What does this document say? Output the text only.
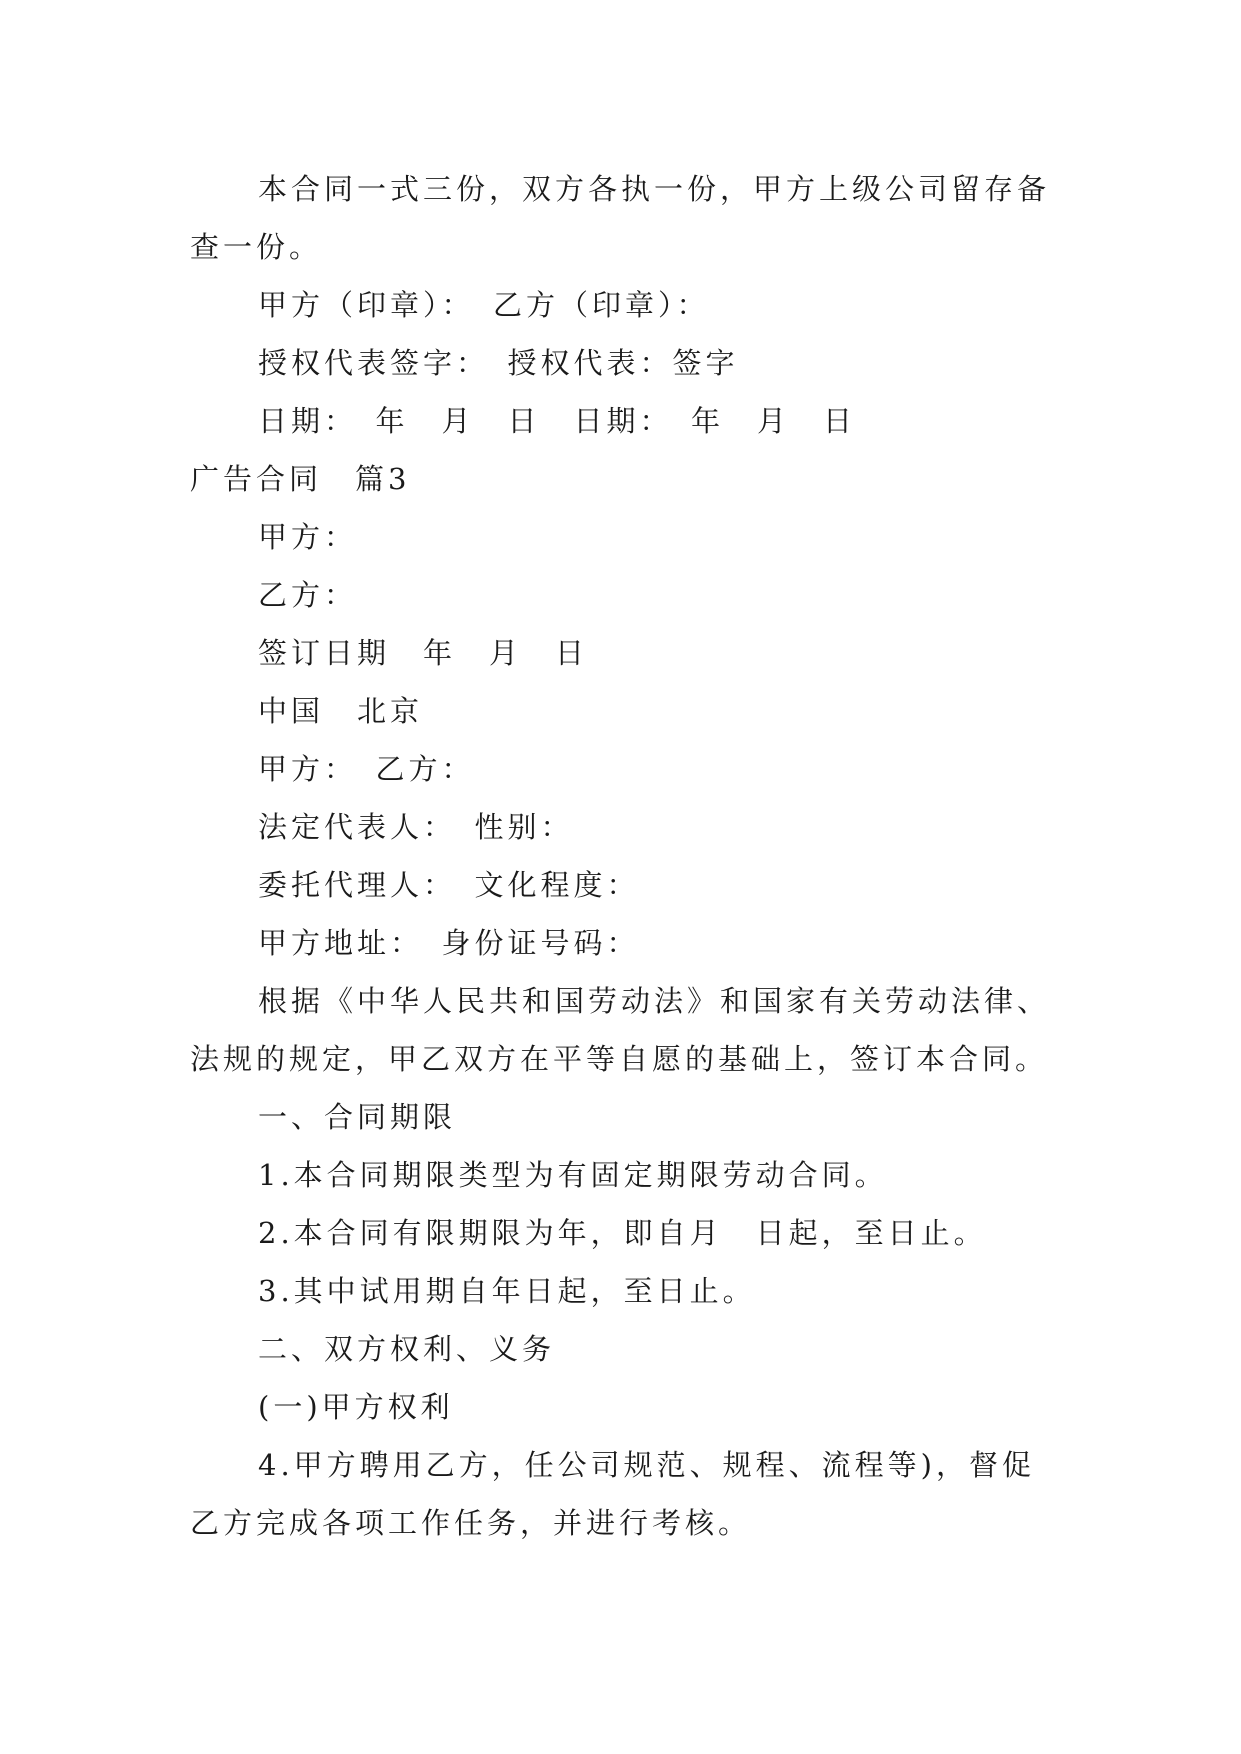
本合同一式三份，双方各执一份，甲方上级公司留存备
查一份。
甲方（印章）：　乙方（印章）：
授权代表签字：　授权代表：签字
日期：　年　月　日　日期：　年　月　日
广告合同　篇3
甲方：
乙方：
签订日期　年　月　日
中国　北京
甲方：　乙方：
法定代表人：　性别：
委托代理人：　文化程度：
甲方地址：　身份证号码：
根据《中华人民共和国劳动法》和国家有关劳动法律、
法规的规定，甲乙双方在平等自愿的基础上，签订本合同。
一、合同期限
1.本合同期限类型为有固定期限劳动合同。
2.本合同有限期限为年，即自月　日起，至日止。
3.其中试用期自年日起，至日止。
二、双方权利、义务
(一)甲方权利
4.甲方聘用乙方，任公司规范、规程、流程等)，督促
乙方完成各项工作任务，并进行考核。
